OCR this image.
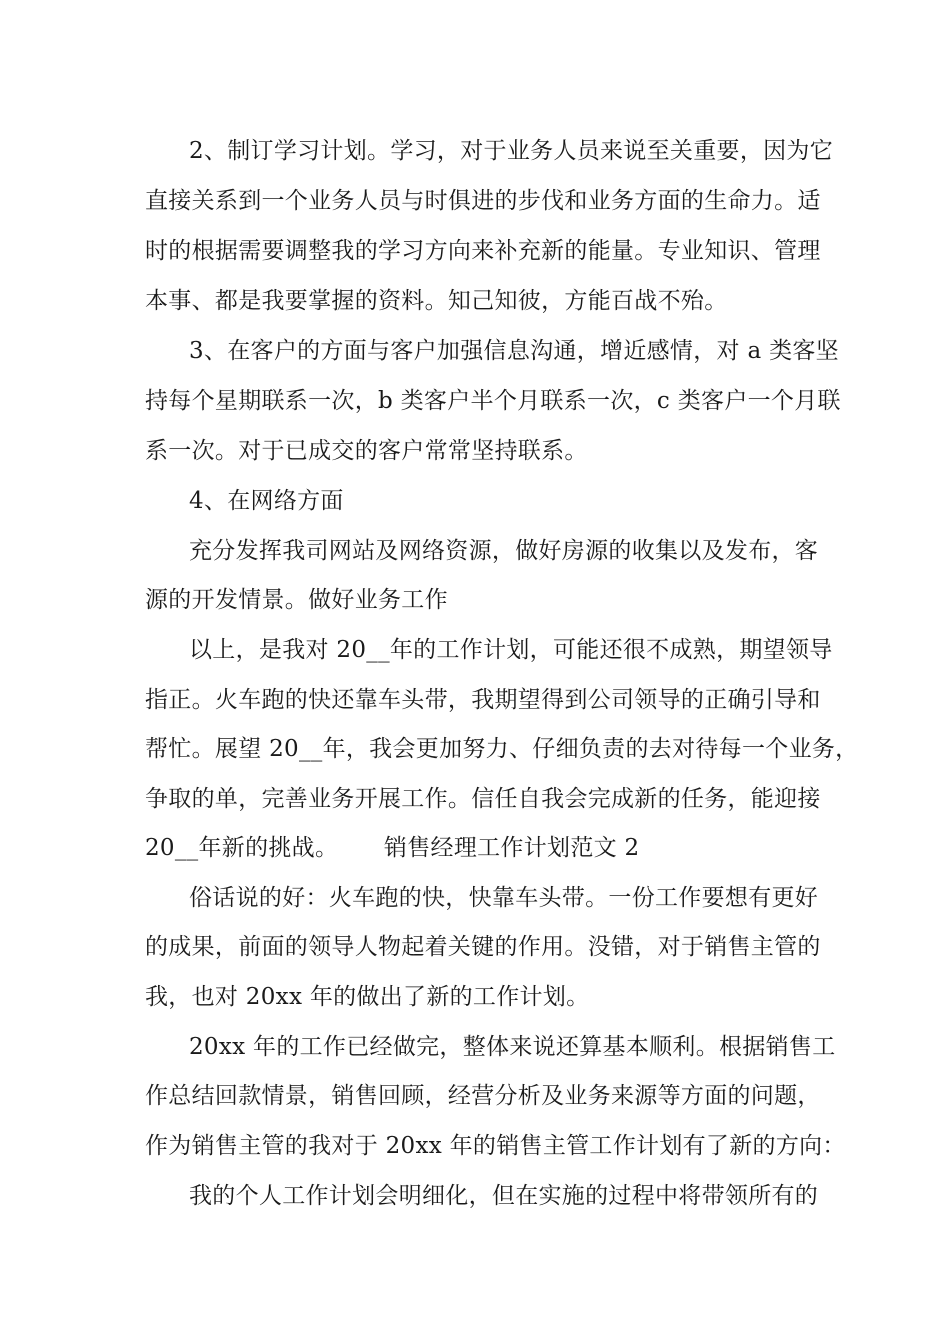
2、制订学习计划。学习，对于业务人员来说至关重要，因为它
直接关系到一个业务人员与时俱进的步伐和业务方面的生命力。适
时的根据需要调整我的学习方向来补充新的能量。专业知识、管理
本事、都是我要掌握的资料。知己知彼，方能百战不殆。
3、在客户的方面与客户加强信息沟通，增近感情，对 a 类客坚
持每个星期联系一次，b 类客户半个月联系一次，c 类客户一个月联
系一次。对于已成交的客户常常坚持联系。
4、在网络方面
充分发挥我司网站及网络资源，做好房源的收集以及发布，客
源的开发情景。做好业务工作
以上，是我对 20__年的工作计划，可能还很不成熟，期望领导
指正。火车跑的快还靠车头带，我期望得到公司领导的正确引导和
帮忙。展望 20__年，我会更加努力、仔细负责的去对待每一个业务，
争取的单，完善业务开展工作。信任自我会完成新的任务，能迎接
20__年新的挑战。      销售经理工作计划范文 2
俗话说的好：火车跑的快，快靠车头带。一份工作要想有更好
的成果，前面的领导人物起着关键的作用。没错，对于销售主管的
我，也对 20xx 年的做出了新的工作计划。
20xx 年的工作已经做完，整体来说还算基本顺利。根据销售工
作总结回款情景，销售回顾，经营分析及业务来源等方面的问题，
作为销售主管的我对于 20xx 年的销售主管工作计划有了新的方向：
我的个人工作计划会明细化，但在实施的过程中将带领所有的
